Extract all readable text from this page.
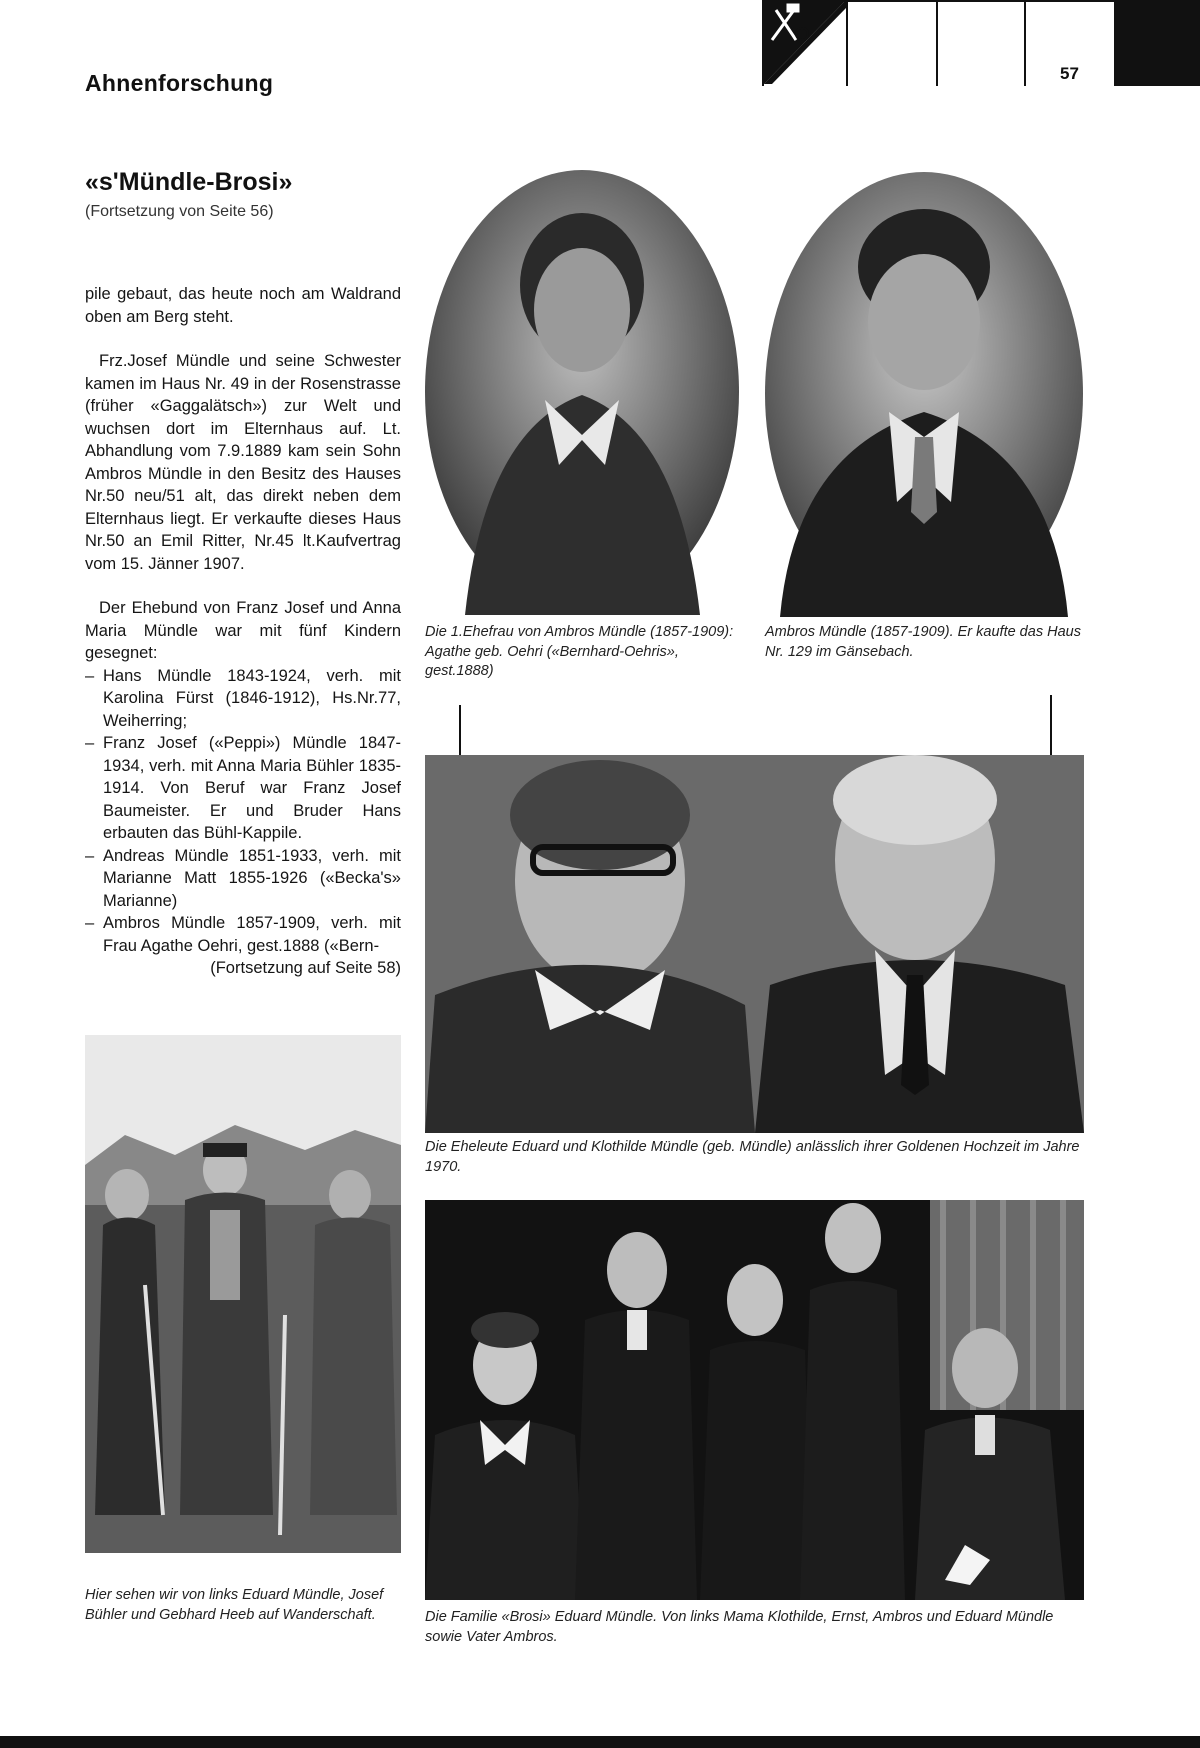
Ahnenforschung	57
«s'Mündle-Brosi»
(Fortsetzung von Seite 56)

pile gebaut, das heute noch am Waldrand oben am Berg steht.

Frz.Josef Mündle und seine Schwester kamen im Haus Nr. 49 in der Rosenstrasse (früher «Gaggalätsch») zur Welt und wuchsen dort im Elternhaus auf. Lt. Abhandlung vom 7.9.1889 kam sein Sohn Ambros Mündle in den Besitz des Hauses Nr.50 neu/51 alt, das direkt neben dem Elternhaus liegt. Er verkaufte dieses Haus Nr.50 an Emil Ritter, Nr.45 lt.Kaufvertrag vom 15. Jänner 1907.

Der Ehebund von Franz Josef und Anna Maria Mündle war mit fünf Kindern gesegnet:

– Hans Mündle 1843-1924, verh. mit Karolina Fürst (1846-1912), Hs.Nr.77, Weiherring;
– Franz Josef («Peppi») Mündle 1847-1934, verh. mit Anna Maria Bühler 1835-1914. Von Beruf war Franz Josef Baumeister. Er und Bruder Hans erbauten das Bühl-Kappile.
– Andreas Mündle 1851-1933, verh. mit Marianne Matt 1855-1926 («Becka's» Marianne)
– Ambros Mündle 1857-1909, verh. mit Frau Agathe Oehri, gest.1888 («Bern-

(Fortsetzung auf Seite 58)

Die 1.Ehefrau von Ambros Mündle (1857-1909): Agathe geb. Oehri («Bernhard-Oehris», gest.1888)
Ambros Mündle (1857-1909). Er kaufte das Haus Nr. 129 im Gänsebach.
Die Eheleute Eduard und Klothilde Mündle (geb. Mündle) anlässlich ihrer Goldenen Hochzeit im Jahre 1970.
Hier sehen wir von links Eduard Mündle, Josef Bühler und Gebhard Heeb auf Wanderschaft.	Die Familie «Brosi» Eduard Mündle. Von links Mama Klothilde, Ernst, Ambros und Eduard Mündle sowie Vater Ambros.
